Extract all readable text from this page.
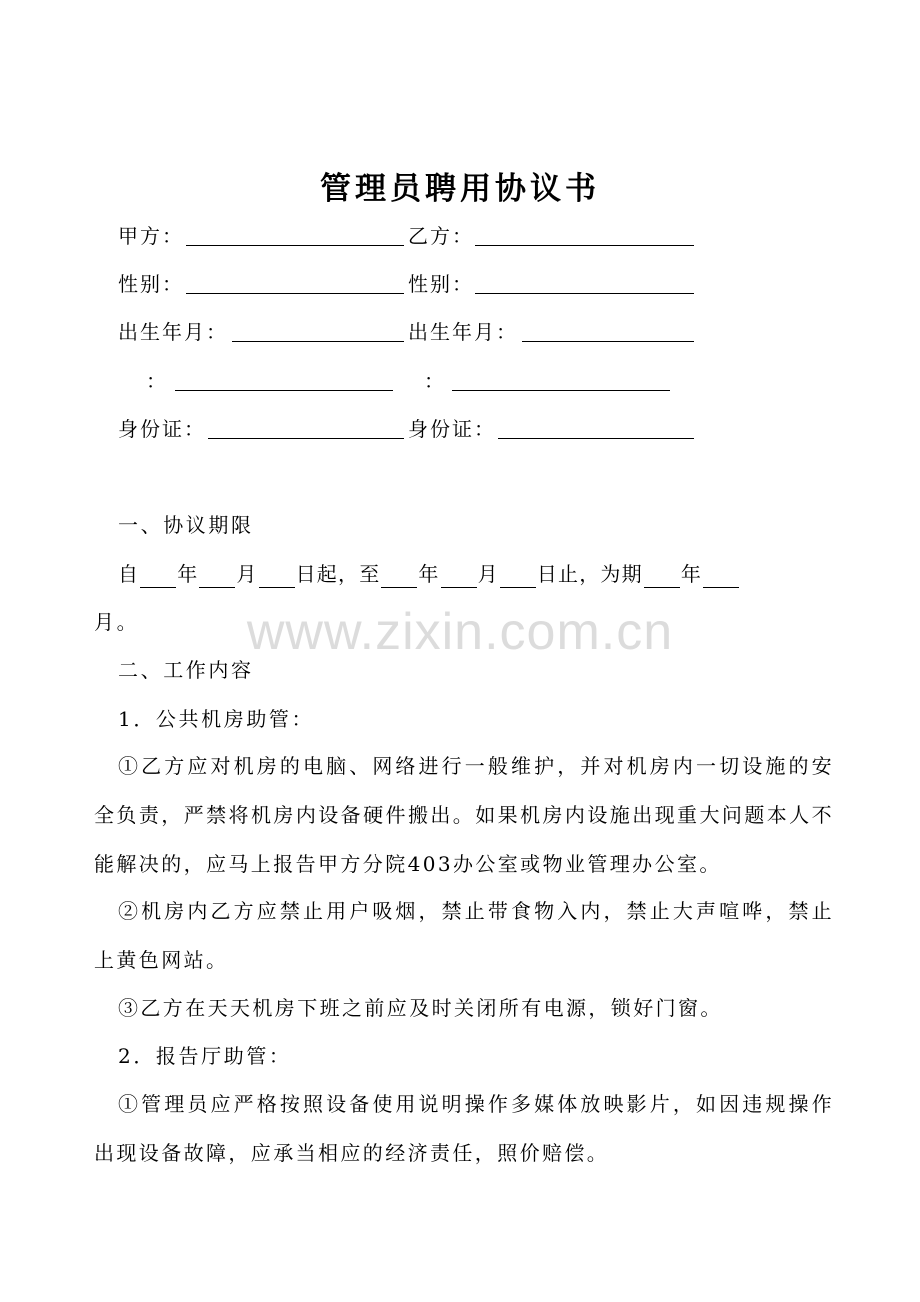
www.zixin.com.cn
管理员聘用协议书
甲方：	乙方：
性别：	性别：
出生年月：	出生年月：
：	：
身份证：	身份证：
一、协议期限
自 年 月 日起，至 年 月 日止，为期 年
月。
二、工作内容
1．公共机房助管：
①乙方应对机房的电脑、网络进行一般维护，并对机房内一切设施的安全负责，严禁将机房内设备硬件搬出。如果机房内设施出现重大问题本人不能解决的，应马上报告甲方分院403办公室或物业管理办公室。
②机房内乙方应禁止用户吸烟，禁止带食物入内，禁止大声喧哗，禁止上黄色网站。
③乙方在天天机房下班之前应及时关闭所有电源，锁好门窗。
2．报告厅助管：
①管理员应严格按照设备使用说明操作多媒体放映影片，如因违规操作出现设备故障，应承当相应的经济责任，照价赔偿。
